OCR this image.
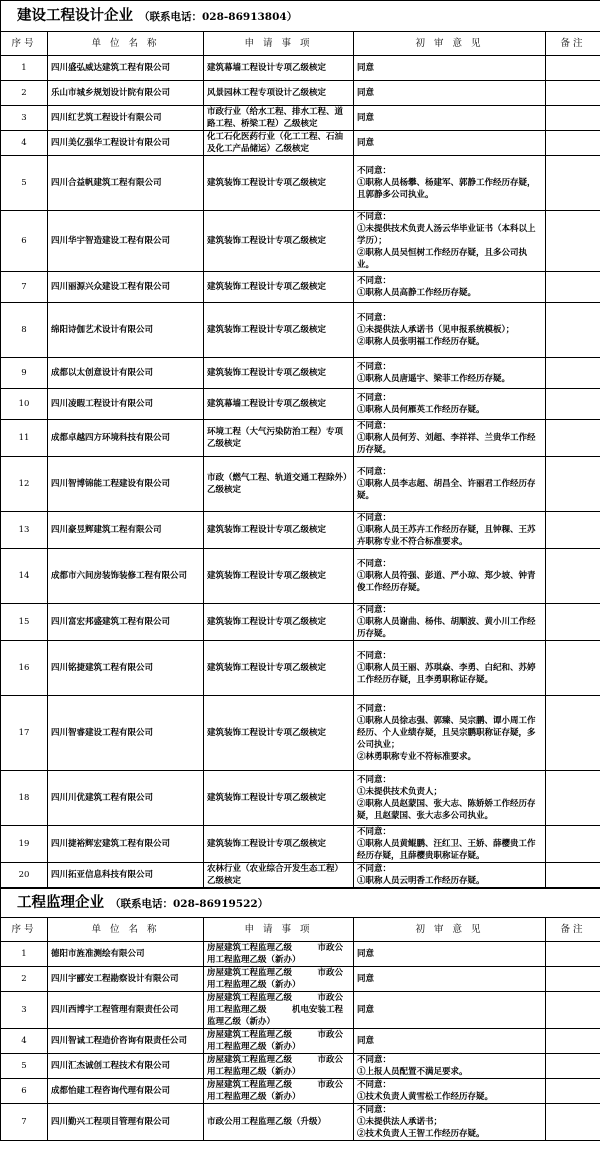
建设工程设计企业 （联系电话：028-86913804）				
序号	单 位 名 称	申 请 事 项	初 审 意 见	备注
1	四川盛弘威达建筑工程有限公司	建筑幕墙工程设计专项乙级核定	同意	

2	乐山市城乡规划设计院有限公司	风景园林工程专项设计乙级核定	同意	

3	四川红艺筑工程设计有限公司	市政行业（给水工程、排水工程、道路工程、桥梁工程）乙级核定	同意	

4	四川美亿强华工程设计有限公司	化工石化医药行业（化工工程、石油及化工产品储运）乙级核定	同意	

5	四川合益帆建筑工程有限公司	建筑装饰工程设计专项乙级核定	不同意：
①职称人员杨攀、杨建军、郭静工作经历存疑，且郭静多公司执业。	

6	四川华宇智造建设工程有限公司	建筑装饰工程设计专项乙级核定	不同意：
①未提供技术负责人汤云华毕业证书（本科以上学历）；
②职称人员吴恒树工作经历存疑，且多公司执业。	

7	四川丽源兴众建设工程有限公司	建筑装饰工程设计专项乙级核定	不同意：
①职称人员高静工作经历存疑。	

8	绵阳诗伽艺术设计有限公司	建筑装饰工程设计专项乙级核定	不同意：
①未提供法人承诺书（见申报系统模板）；
②职称人员张明福工作经历存疑。	

9	成都以太创意设计有限公司	建筑装饰工程设计专项乙级核定	不同意：
①职称人员唐遥宇、梁菲工作经历存疑。	

10	四川凌暇工程设计有限公司	建筑幕墙工程设计专项乙级核定	不同意：
①职称人员何雁英工作经历存疑。	

11	成都卓越四方环境科技有限公司	环境工程（大气污染防治工程）专项乙级核定	不同意：
①职称人员何芳、刘超、李祥祥、兰贵华工作经历存疑。	

12	四川智博锦能工程建设有限公司	市政（燃气工程、轨道交通工程除外）乙级核定	不同意：
①职称人员李志超、胡昌全、许丽君工作经历存疑。	

13	四川豪昱辉建筑工程有限公司	建筑装饰工程设计专项乙级核定	不同意：
①职称人员王苏卉工作经历存疑，且钟稞、王苏卉职称专业不符合标准要求。	

14	成都市六间房装饰装修工程有限公司	建筑装饰工程设计专项乙级核定	不同意：
①职称人员符强、彭道、严小琼、郑少坡、钟青俊工作经历存疑。	

15	四川富宏邦盛建筑工程有限公司	建筑装饰工程设计专项乙级核定	不同意：
①职称人员谢曲、杨伟、胡顺波、黄小川工作经历存疑。	

16	四川铭捷建筑工程有限公司	建筑装饰工程设计专项乙级核定	不同意：
①职称人员王丽、苏琪焱、李勇、白纪和、苏婷工作经历存疑，且李勇职称证存疑。	

17	四川智睿建设工程有限公司	建筑装饰工程设计专项乙级核定	不同意：
①职称人员徐志强、郭臻、吴宗鹏、谭小周工作经历、个人业绩存疑，且吴宗鹏职称证存疑，多公司执业；
②林勇职称专业不符标准要求。	

18	四川川优建筑工程有限公司	建筑装饰工程设计专项乙级核定	不同意：
①未提供技术负责人；
②职称人员赵蒙国、张大志、陈娇娇工作经历存疑，且赵蒙国、张大志多公司执业。	

19	四川捷裕辉宏建筑工程有限公司	建筑装饰工程设计专项乙级核定	不同意：
①职称人员黄鲲鹏、汪红卫、王娇、薛樱贵工作经历存疑，且薛樱贵职称证存疑。	

20	四川拓亚信息科技有限公司	农林行业（农业综合开发生态工程）乙级核定	不同意：
①职称人员云明香工作经历存疑。	

工程监理企业 （联系电话：028-86919522）				
序号	单 位 名 称	申 请 事 项	初 审 意 见	备注
1	德阳市旌准测绘有限公司	房屋建筑工程监理乙级　　　市政公用工程监理乙级（新办）	同意	

2	四川宇郦安工程勘察设计有限公司	房屋建筑工程监理乙级　　　市政公用工程监理乙级（新办）	同意	

3	四川西博宇工程管理有限责任公司	房屋建筑工程监理乙级　　　市政公用工程监理乙级　　　机电安装工程监理乙级（新办）	同意	

4	四川智诚工程造价咨询有限责任公司	房屋建筑工程监理乙级　　　市政公用工程监理乙级（新办）	同意	

5	四川汇杰诚创工程技术有限公司	房屋建筑工程监理乙级　　　市政公用工程监理乙级（新办）	不同意：
①上报人员配置不满足要求。	

6	成都怡建工程咨询代理有限公司	房屋建筑工程监理乙级　　　市政公用工程监理乙级（新办）	不同意：
①技术负责人黄雪松工作经历存疑。	

7	四川勤兴工程项目管理有限公司	市政公用工程监理乙级（升级）	不同意：
①未提供法人承诺书；
②技术负责人王智工作经历存疑。	
